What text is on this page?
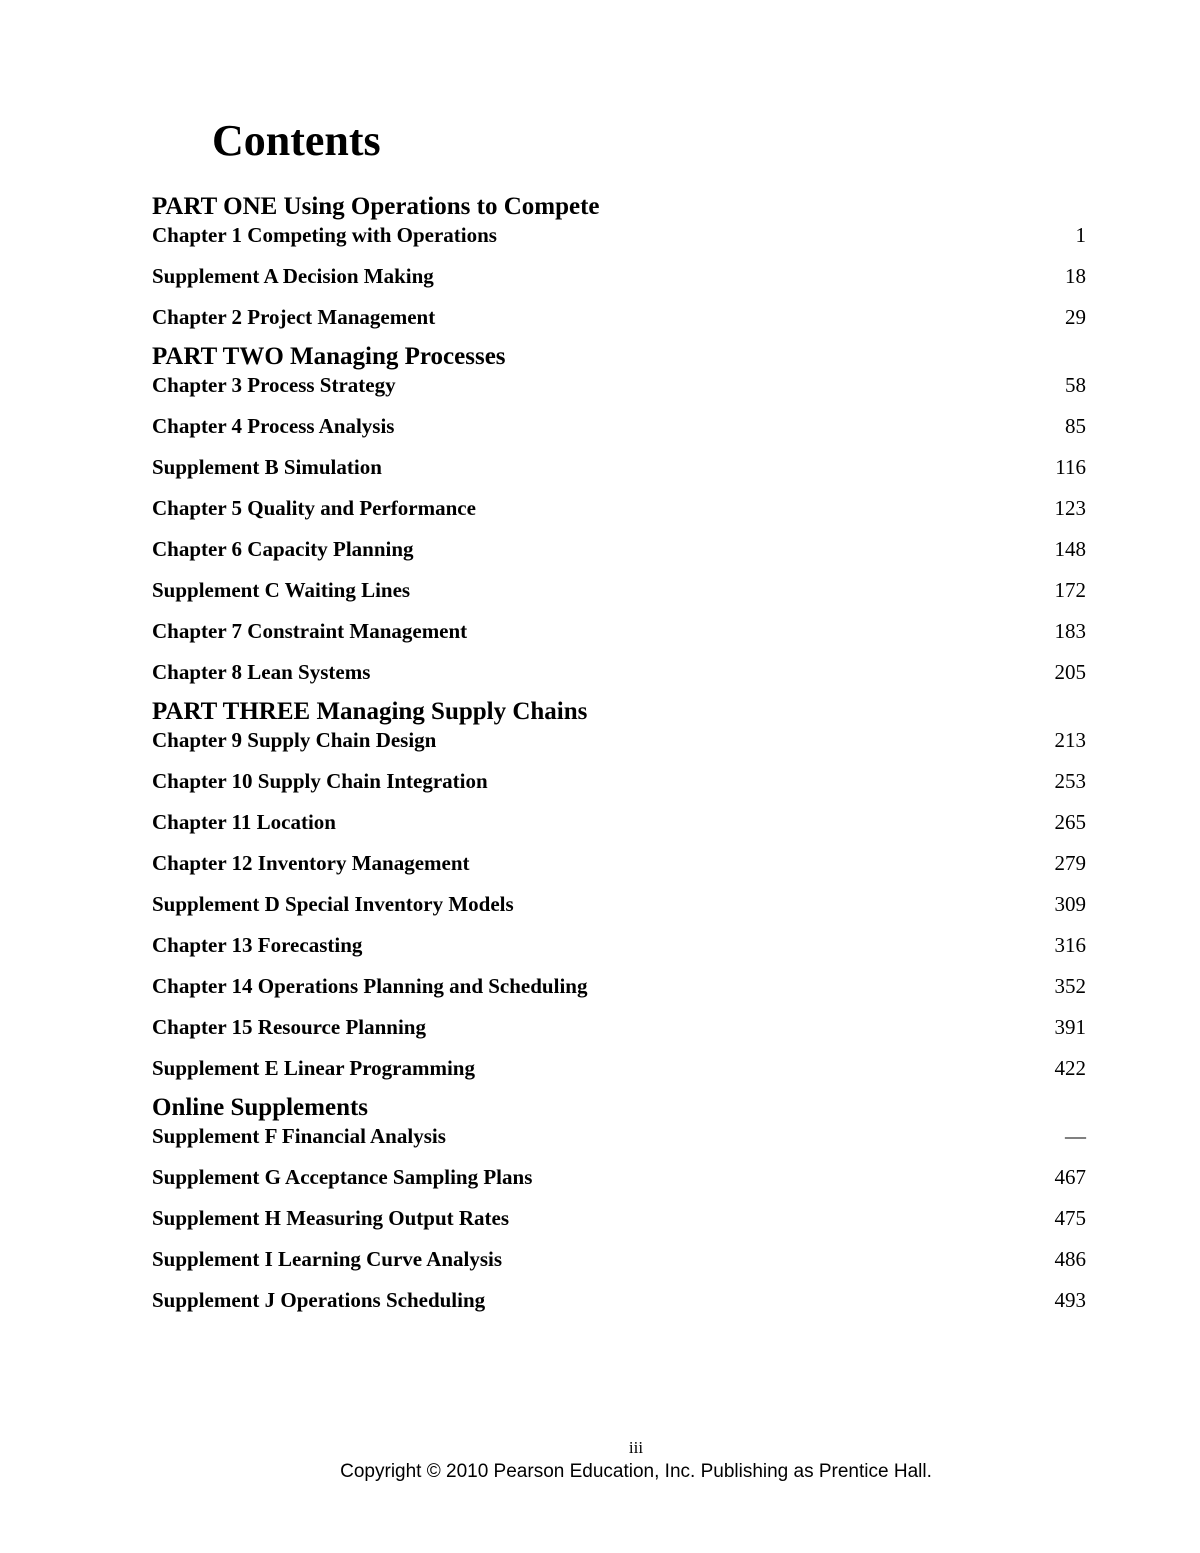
Contents
PART ONE Using Operations to Compete
Chapter 1 Competing with Operations	1
Supplement A Decision Making	18
Chapter 2 Project Management	29
PART TWO Managing Processes
Chapter 3 Process Strategy	58
Chapter 4 Process Analysis	85
Supplement B Simulation	116
Chapter 5 Quality and Performance	123
Chapter 6 Capacity Planning	148
Supplement C Waiting Lines	172
Chapter 7 Constraint Management	183
Chapter 8 Lean Systems	205
PART THREE Managing Supply Chains
Chapter 9 Supply Chain Design	213
Chapter 10 Supply Chain Integration	253
Chapter 11 Location	265
Chapter 12 Inventory Management	279
Supplement D Special Inventory Models	309
Chapter 13 Forecasting	316
Chapter 14 Operations Planning and Scheduling	352
Chapter 15 Resource Planning	391
Supplement E Linear Programming	422
Online Supplements
Supplement F Financial Analysis	—
Supplement G Acceptance Sampling Plans	467
Supplement H Measuring Output Rates	475
Supplement I Learning Curve Analysis	486
Supplement J Operations Scheduling	493
iii
Copyright © 2010 Pearson Education, Inc. Publishing as Prentice Hall.
